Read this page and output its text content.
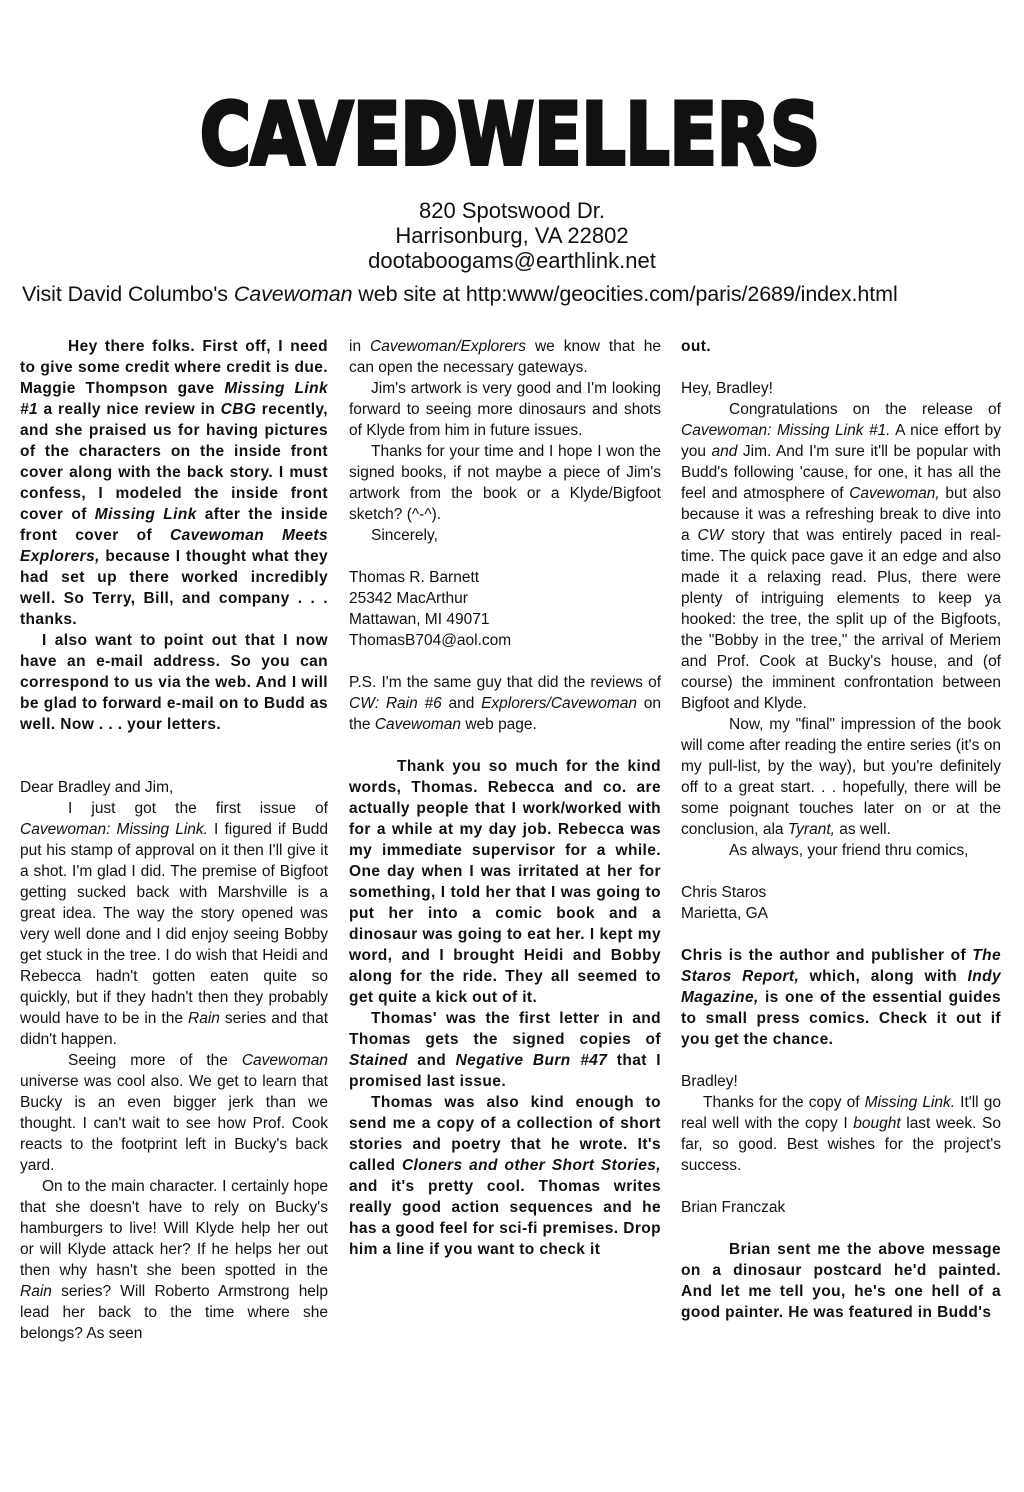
CAVEDWELLERS
820 Spotswood Dr.
Harrisonburg, VA 22802
dootaboogams@earthlink.net
Visit David Columbo's Cavewoman web site at http:www/geocities.com/paris/2689/index.html

Hey there folks. First off, I need to give some credit where credit is due. Maggie Thompson gave Missing Link #1 a really nice review in CBG recently, and she praised us for having pictures of the characters on the inside front cover along with the back story. I must confess, I modeled the inside front cover of Missing Link after the inside front cover of Cavewoman Meets Explorers, because I thought what they had set up there worked incredibly well. So Terry, Bill, and company . . . thanks.

I also want to point out that I now have an e-mail address. So you can correspond to us via the web. And I will be glad to forward e-mail on to Budd as well. Now . . . your letters.

Dear Bradley and Jim,

I just got the first issue of Cavewoman: Missing Link. I figured if Budd put his stamp of approval on it then I'll give it a shot. I'm glad I did. The premise of Bigfoot getting sucked back with Marshville is a great idea. The way the story opened was very well done and I did enjoy seeing Bobby get stuck in the tree. I do wish that Heidi and Rebecca hadn't gotten eaten quite so quickly, but if they hadn't then they probably would have to be in the Rain series and that didn't happen.

Seeing more of the Cavewoman universe was cool also. We get to learn that Bucky is an even bigger jerk than we thought. I can't wait to see how Prof. Cook reacts to the footprint left in Bucky's back yard.

On to the main character. I certainly hope that she doesn't have to rely on Bucky's hamburgers to live! Will Klyde help her out or will Klyde attack her? If he helps her out then why hasn't she been spotted in the Rain series? Will Roberto Armstrong help lead her back to the time where she belongs? As seen

in Cavewoman/Explorers we know that he can open the necessary gateways.

Jim's artwork is very good and I'm looking forward to seeing more dinosaurs and shots of Klyde from him in future issues.

Thanks for your time and I hope I won the signed books, if not maybe a piece of Jim's artwork from the book or a Klyde/Bigfoot sketch? (^-^).

Sincerely,

Thomas R. Barnett

25342 MacArthur

Mattawan, MI 49071

ThomasB704@aol.com

P.S. I'm the same guy that did the reviews of CW: Rain #6 and Explorers/Cavewoman on the Cavewoman web page.

Thank you so much for the kind words, Thomas. Rebecca and co. are actually people that I work/worked with for a while at my day job. Rebecca was my immediate supervisor for a while. One day when I was irritated at her for something, I told her that I was going to put her into a comic book and a dinosaur was going to eat her. I kept my word, and I brought Heidi and Bobby along for the ride. They all seemed to get quite a kick out of it.

Thomas' was the first letter in and Thomas gets the signed copies of Stained and Negative Burn #47 that I promised last issue.

Thomas was also kind enough to send me a copy of a collection of short stories and poetry that he wrote. It's called Cloners and other Short Stories, and it's pretty cool. Thomas writes really good action sequences and he has a good feel for sci-fi premises. Drop him a line if you want to check it

out.

Hey, Bradley!

Congratulations on the release of Cavewoman: Missing Link #1. A nice effort by you and Jim. And I'm sure it'll be popular with Budd's following 'cause, for one, it has all the feel and atmosphere of Cavewoman, but also because it was a refreshing break to dive into a CW story that was entirely paced in real-time. The quick pace gave it an edge and also made it a relaxing read. Plus, there were plenty of intriguing elements to keep ya hooked: the tree, the split up of the Bigfoots, the "Bobby in the tree," the arrival of Meriem and Prof. Cook at Bucky's house, and (of course) the imminent confrontation between Bigfoot and Klyde.

Now, my "final" impression of the book will come after reading the entire series (it's on my pull-list, by the way), but you're definitely off to a great start. . . hopefully, there will be some poignant touches later on or at the conclusion, ala Tyrant, as well.

As always, your friend thru comics,

Chris Staros

Marietta, GA

Chris is the author and publisher of The Staros Report, which, along with Indy Magazine, is one of the essential guides to small press comics. Check it out if you get the chance.

Bradley!

Thanks for the copy of Missing Link. It'll go real well with the copy I bought last week. So far, so good. Best wishes for the project's success.

Brian Franczak

Brian sent me the above message on a dinosaur postcard he'd painted. And let me tell you, he's one hell of a good painter. He was featured in Budd's
